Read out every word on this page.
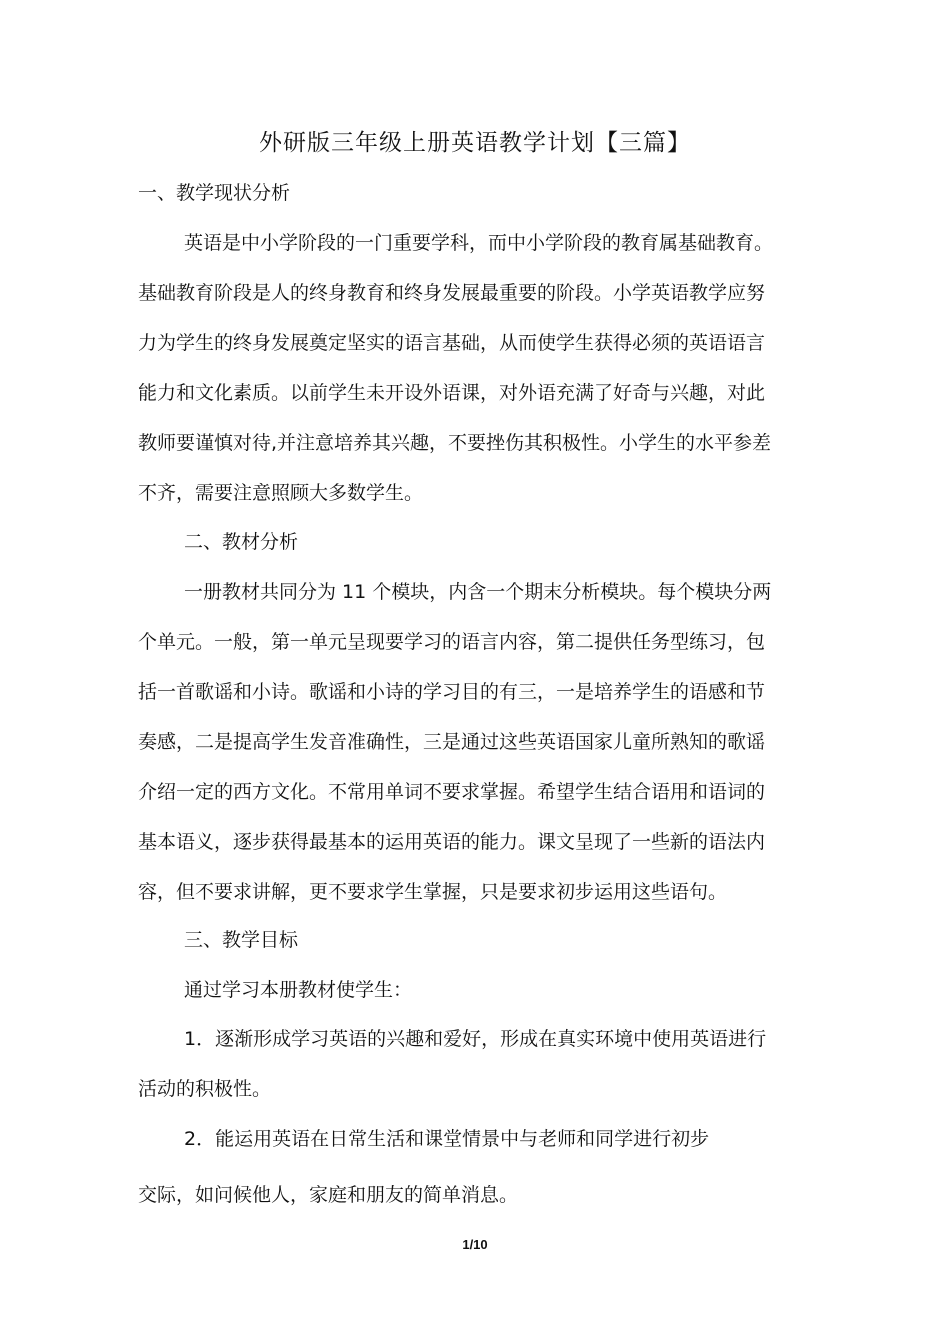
外研版三年级上册英语教学计划【三篇】
一、教学现状分析
英语是中小学阶段的一门重要学科，而中小学阶段的教育属基础教育。
基础教育阶段是人的终身教育和终身发展最重要的阶段。小学英语教学应努
力为学生的终身发展奠定坚实的语言基础，从而使学生获得必须的英语语言
能力和文化素质。以前学生未开设外语课，对外语充满了好奇与兴趣，对此
教师要谨慎对待,并注意培养其兴趣，不要挫伤其积极性。小学生的水平参差
不齐，需要注意照顾大多数学生。
二、教材分析
一册教材共同分为 11 个模块，内含一个期末分析模块。每个模块分两
个单元。一般，第一单元呈现要学习的语言内容，第二提供任务型练习，包
括一首歌谣和小诗。歌谣和小诗的学习目的有三，一是培养学生的语感和节
奏感，二是提高学生发音准确性，三是通过这些英语国家儿童所熟知的歌谣
介绍一定的西方文化。不常用单词不要求掌握。希望学生结合语用和语词的
基本语义，逐步获得最基本的运用英语的能力。课文呈现了一些新的语法内
容，但不要求讲解，更不要求学生掌握，只是要求初步运用这些语句。
三、教学目标
通过学习本册教材使学生：
1．逐渐形成学习英语的兴趣和爱好，形成在真实环境中使用英语进行
活动的积极性。
2．能运用英语在日常生活和课堂情景中与老师和同学进行初步
交际，如问候他人，家庭和朋友的简单消息。
1/10
